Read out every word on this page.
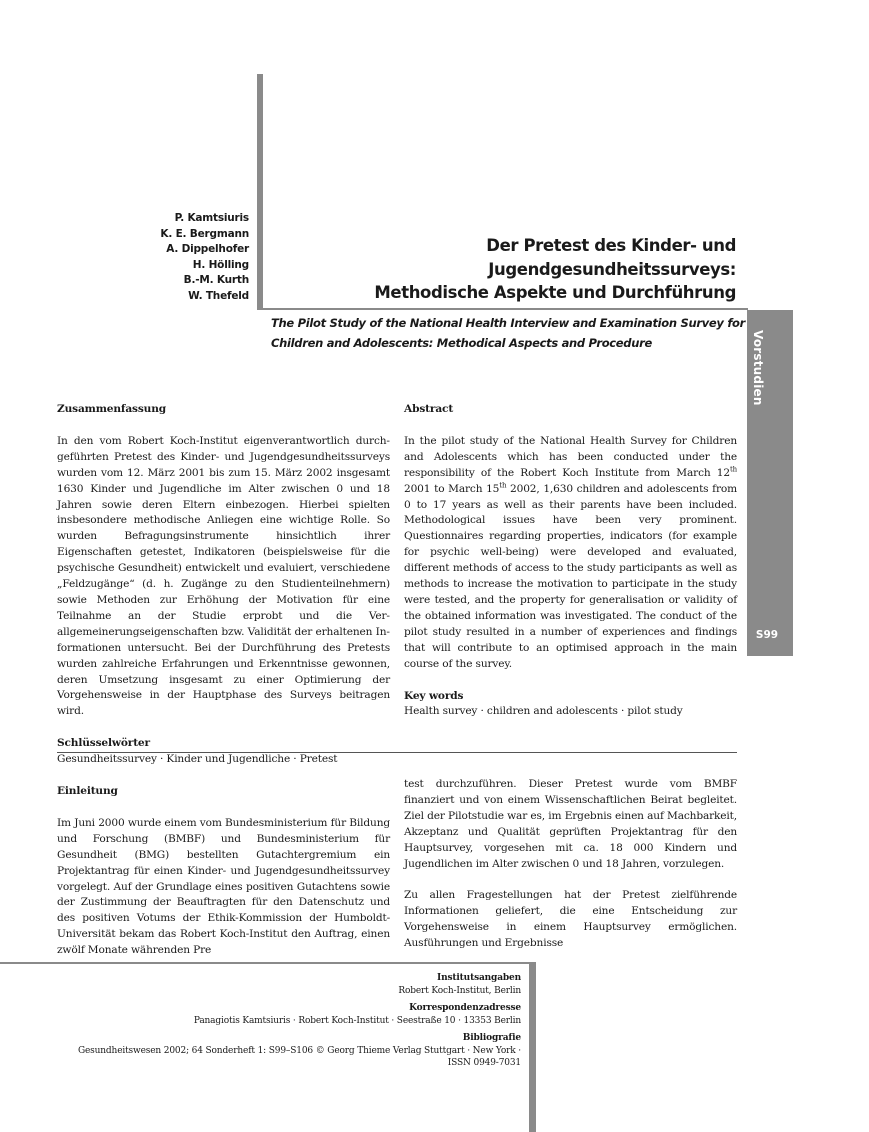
P. Kamtsiuris
K. E. Bergmann
A. Dippelhofer
H. Hölling
B.-M. Kurth
W. Thefeld
Der Pretest des Kinder- und
Jugendgesundheitssurveys:
Methodische Aspekte und Durchführung
The Pilot Study of the National Health Interview and Examination Survey for
Children and Adolescents: Methodical Aspects and Procedure	Vorstudien
S99
Zusammenfassung

In den vom Robert Koch-Institut eigenverantwortlich durchgeführten Pretest des Kinder- und Jugendgesundheitssurveys wurden vom 12. März 2001 bis zum 15. März 2002 insgesamt 1630 Kinder und Jugendliche im Alter zwischen 0 und 18 Jahren sowie deren Eltern einbezogen. Hierbei spielten insbesondere methodische Anliegen eine wichtige Rolle. So wurden Befragungsinstrumente hinsichtlich ihrer Eigenschaften getestet, Indikatoren (beispielsweise für die psychische Gesundheit) entwickelt und evaluiert, verschiedene „Feldzugänge“ (d. h. Zugänge zu den Studienteilnehmern) sowie Methoden zur Erhöhung der Motivation für eine Teilnahme an der Studie erprobt und die Verallgemeinerungseigenschaften bzw. Validität der erhaltenen Informationen untersucht. Bei der Durchführung des Pretests wurden zahlreiche Erfahrungen und Erkenntnisse gewonnen, deren Umsetzung insgesamt zu einer Optimierung der Vorgehensweise in der Hauptphase des Surveys beitragen wird.

Schlüsselwörter

Gesundheitssurvey · Kinder und Jugendliche · Pretest

Abstract

In the pilot study of the National Health Survey for Children and Adolescents which has been conducted under the responsibility of the Robert Koch Institute from March 12th 2001 to March 15th 2002, 1,630 children and adolescents from 0 to 17 years as well as their parents have been included. Methodological issues have been very prominent. Questionnaires regarding properties, indicators (for example for psychic well-being) were developed and evaluated, different methods of access to the study participants as well as methods to increase the motivation to participate in the study were tested, and the property for generalisation or validity of the obtained information was investigated. The conduct of the pilot study resulted in a number of experiences and findings that will contribute to an optimised approach in the main course of the survey.

Key words

Health survey · children and adolescents · pilot study

Einleitung

Im Juni 2000 wurde einem vom Bundesministerium für Bildung und Forschung (BMBF) und Bundesministerium für Gesundheit (BMG) bestellten Gutachtergremium ein Projektantrag für einen Kinder- und Jugendgesundheitssurvey vorgelegt. Auf der Grundlage eines positiven Gutachtens sowie der Zustimmung der Beauftragten für den Datenschutz und des positiven Votums der Ethik-Kommission der Humboldt-Universität bekam das Robert Koch-Institut den Auftrag, einen zwölf Monate währenden Pre

test durchzuführen. Dieser Pretest wurde vom BMBF finanziert und von einem Wissenschaftlichen Beirat begleitet. Ziel der Pilotstudie war es, im Ergebnis einen auf Machbarkeit, Akzeptanz und Qualität geprüften Projektantrag für den Hauptsurvey, vorgesehen mit ca. 18 000 Kindern und Jugendlichen im Alter zwischen 0 und 18 Jahren, vorzulegen.

Zu allen Fragestellungen hat der Pretest zielführende Informationen geliefert, die eine Entscheidung zur Vorgehensweise in einem Hauptsurvey ermöglichen. Ausführungen und Ergebnisse

Institutsangaben
Robert Koch-Institut, Berlin
Korrespondenzadresse
Panagiotis Kamtsiuris · Robert Koch-Institut · Seestraße 10 · 13353 Berlin
Bibliografie
Gesundheitswesen 2002; 64 Sonderheft 1: S99–S106 © Georg Thieme Verlag Stuttgart · New York ·
ISSN 0949-7031
